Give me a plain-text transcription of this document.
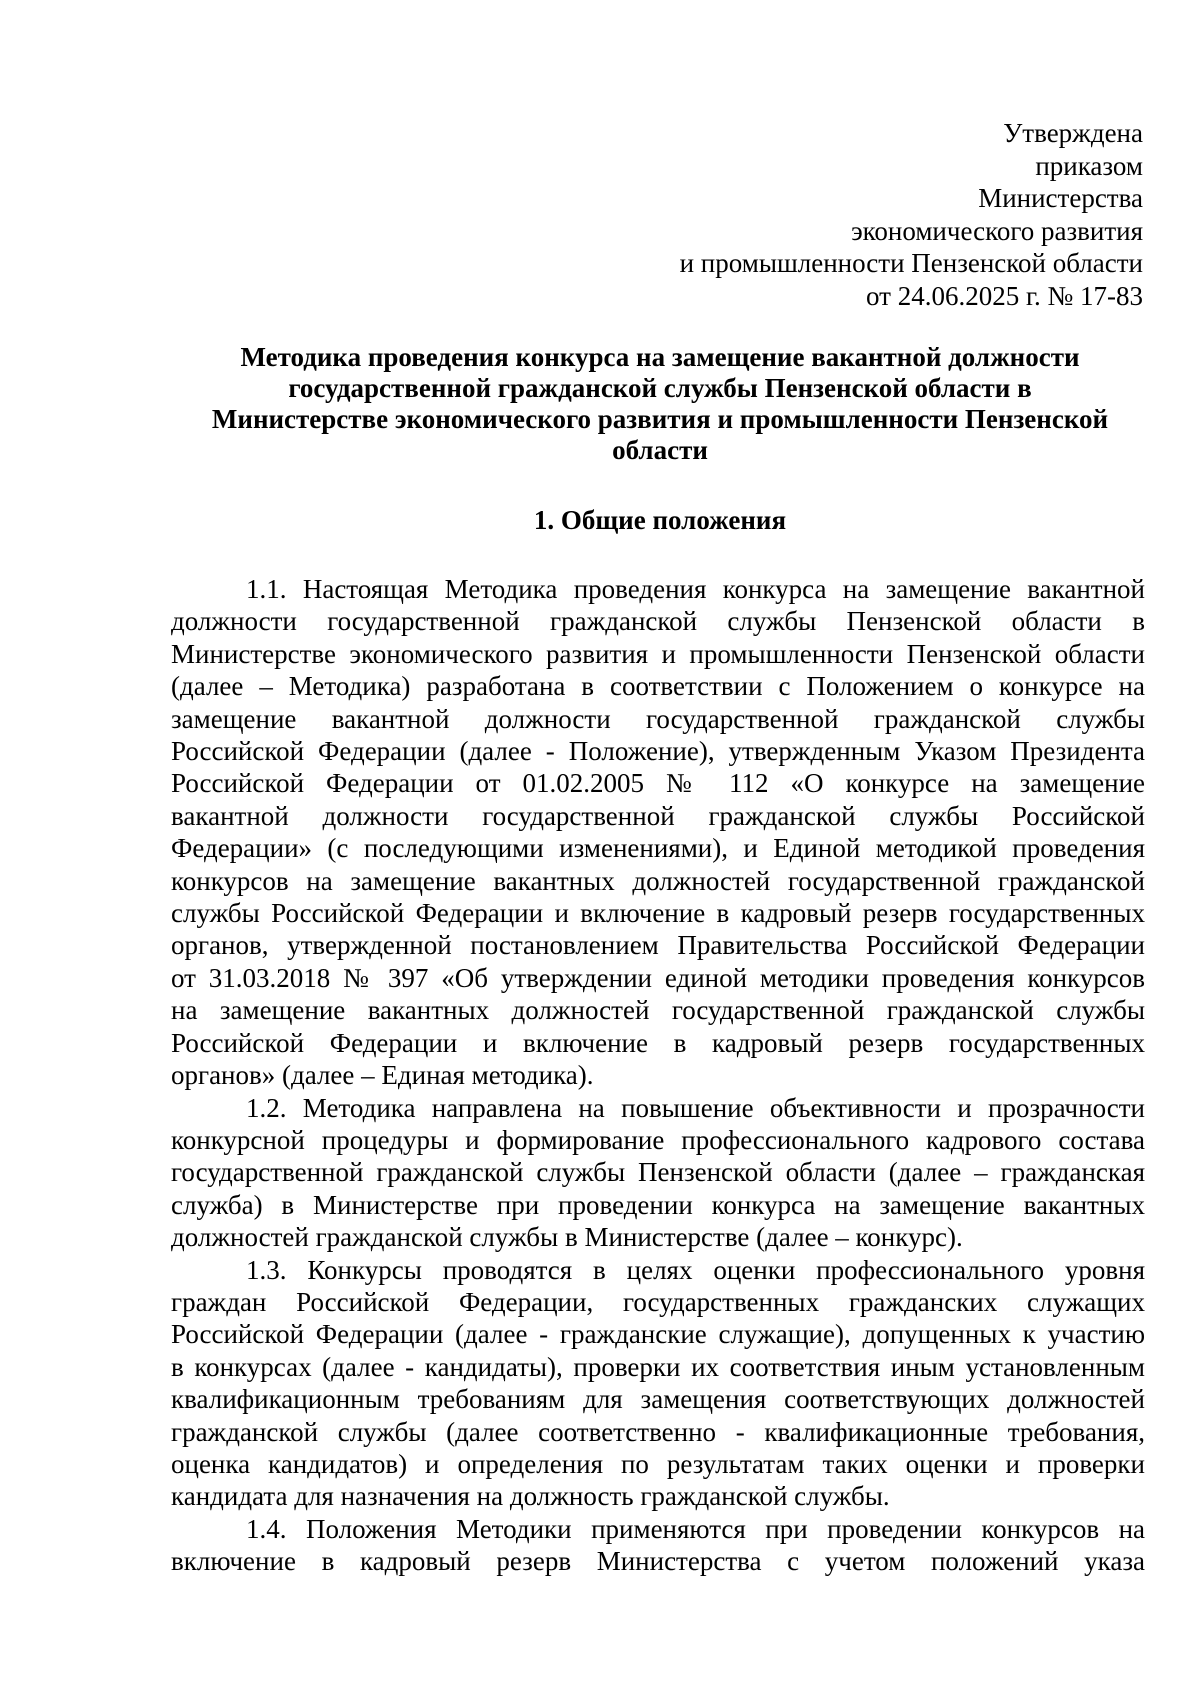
Утверждена
приказом
Министерства
экономического развития
и промышленности Пензенской области
от 24.06.2025 г. № 17-83
Методика проведения конкурса на замещение вакантной должности
государственной гражданской службы Пензенской области в
Министерстве экономического развития и промышленности Пензенской
области
1. Общие положения
1.1. Настоящая Методика проведения конкурса на замещение вакантной
должности государственной гражданской службы Пензенской области в
Министерстве экономического развития и промышленности Пензенской области
(далее – Методика) разработана в соответствии с Положением о конкурсе на
замещение вакантной должности государственной гражданской службы
Российской Федерации (далее - Положение), утвержденным Указом Президента
Российской Федерации от 01.02.2005 № 112 «О конкурсе на замещение
вакантной должности государственной гражданской службы Российской
Федерации» (с последующими изменениями), и Единой методикой проведения
конкурсов на замещение вакантных должностей государственной гражданской
службы Российской Федерации и включение в кадровый резерв государственных
органов, утвержденной постановлением Правительства Российской Федерации
от 31.03.2018 № 397 «Об утверждении единой методики проведения конкурсов
на замещение вакантных должностей государственной гражданской службы
Российской Федерации и включение в кадровый резерв государственных
органов» (далее – Единая методика).
1.2. Методика направлена на повышение объективности и прозрачности
конкурсной процедуры и формирование профессионального кадрового состава
государственной гражданской службы Пензенской области (далее – гражданская
служба) в Министерстве при проведении конкурса на замещение вакантных
должностей гражданской службы в Министерстве (далее – конкурс).
1.3. Конкурсы проводятся в целях оценки профессионального уровня
граждан Российской Федерации, государственных гражданских служащих
Российской Федерации (далее - гражданские служащие), допущенных к участию
в конкурсах (далее - кандидаты), проверки их соответствия иным установленным
квалификационным требованиям для замещения соответствующих должностей
гражданской службы (далее соответственно - квалификационные требования,
оценка кандидатов) и определения по результатам таких оценки и проверки
кандидата для назначения на должность гражданской службы.
1.4. Положения Методики применяются при проведении конкурсов на
включение в кадровый резерв Министерства с учетом положений указа
